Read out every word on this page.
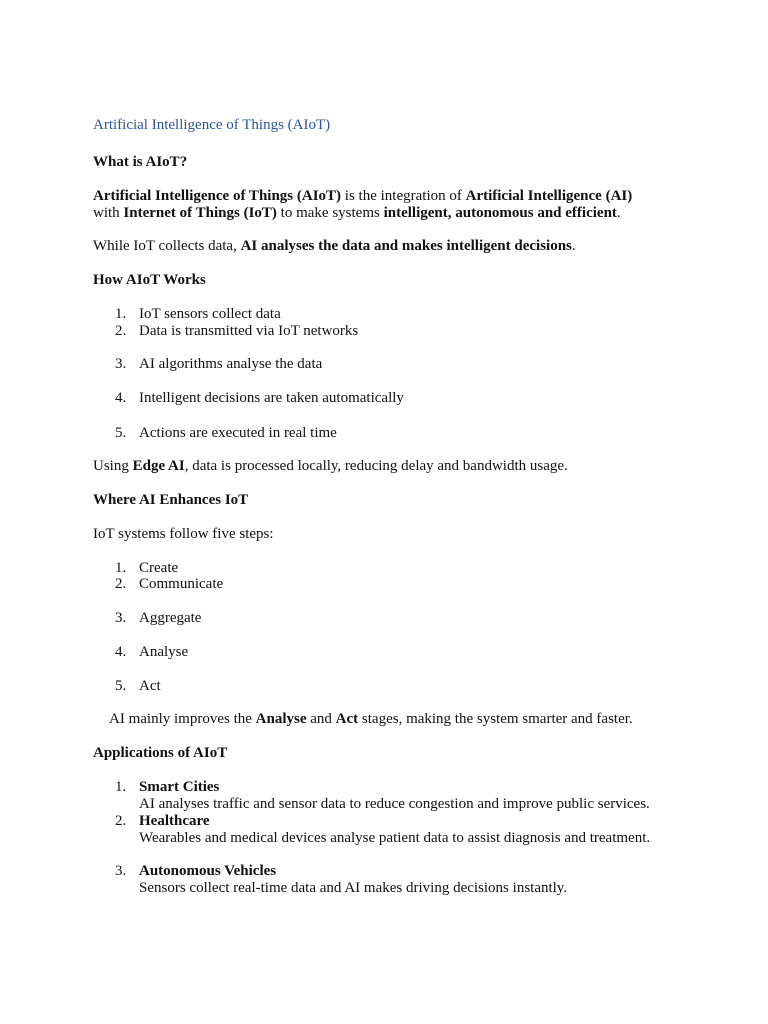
Artificial Intelligence of Things (AIoT)
What is AIoT?
Artificial Intelligence of Things (AIoT) is the integration of Artificial Intelligence (AI)
with Internet of Things (IoT) to make systems intelligent, autonomous and efficient.
While IoT collects data, AI analyses the data and makes intelligent decisions.
How AIoT Works
1. IoT sensors collect data
2. Data is transmitted via IoT networks
3. AI algorithms analyse the data
4. Intelligent decisions are taken automatically
5. Actions are executed in real time
Using Edge AI, data is processed locally, reducing delay and bandwidth usage.
Where AI Enhances IoT
IoT systems follow five steps:
1. Create
2. Communicate
3. Aggregate
4. Analyse
5. Act
AI mainly improves the Analyse and Act stages, making the system smarter and faster.
Applications of AIoT
1. Smart Cities
AI analyses traffic and sensor data to reduce congestion and improve public services.
2. Healthcare
Wearables and medical devices analyse patient data to assist diagnosis and treatment.
3. Autonomous Vehicles
Sensors collect real-time data and AI makes driving decisions instantly.
